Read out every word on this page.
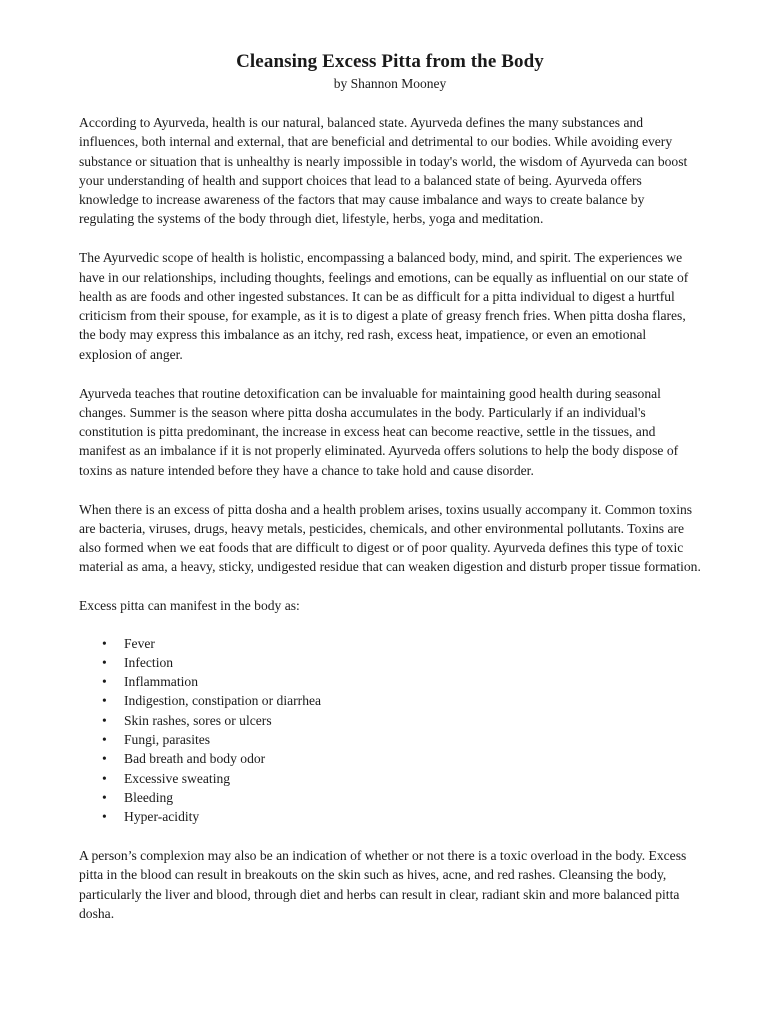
Cleansing Excess Pitta from the Body

by Shannon Mooney

According to Ayurveda, health is our natural, balanced state. Ayurveda defines the many substances and influences, both internal and external, that are beneficial and detrimental to our bodies. While avoiding every substance or situation that is unhealthy is nearly impossible in today's world, the wisdom of Ayurveda can boost your understanding of health and support choices that lead to a balanced state of being. Ayurveda offers knowledge to increase awareness of the factors that may cause imbalance and ways to create balance by regulating the systems of the body through diet, lifestyle, herbs, yoga and meditation.

The Ayurvedic scope of health is holistic, encompassing a balanced body, mind, and spirit. The experiences we have in our relationships, including thoughts, feelings and emotions, can be equally as influential on our state of health as are foods and other ingested substances. It can be as difficult for a pitta individual to digest a hurtful criticism from their spouse, for example, as it is to digest a plate of greasy french fries. When pitta dosha flares, the body may express this imbalance as an itchy, red rash, excess heat, impatience, or even an emotional explosion of anger.

Ayurveda teaches that routine detoxification can be invaluable for maintaining good health during seasonal changes. Summer is the season where pitta dosha accumulates in the body. Particularly if an individual's constitution is pitta predominant, the increase in excess heat can become reactive, settle in the tissues, and manifest as an imbalance if it is not properly eliminated. Ayurveda offers solutions to help the body dispose of toxins as nature intended before they have a chance to take hold and cause disorder.

When there is an excess of pitta dosha and a health problem arises, toxins usually accompany it. Common toxins are bacteria, viruses, drugs, heavy metals, pesticides, chemicals, and other environmental pollutants. Toxins are also formed when we eat foods that are difficult to digest or of poor quality. Ayurveda defines this type of toxic material as ama, a heavy, sticky, undigested residue that can weaken digestion and disturb proper tissue formation.

Excess pitta can manifest in the body as:

• Fever
• Infection
• Inflammation
• Indigestion, constipation or diarrhea
• Skin rashes, sores or ulcers
• Fungi, parasites
• Bad breath and body odor
• Excessive sweating
• Bleeding
• Hyper-acidity

A person’s complexion may also be an indication of whether or not there is a toxic overload in the body. Excess pitta in the blood can result in breakouts on the skin such as hives, acne, and red rashes. Cleansing the body, particularly the liver and blood, through diet and herbs can result in clear, radiant skin and more balanced pitta dosha.
